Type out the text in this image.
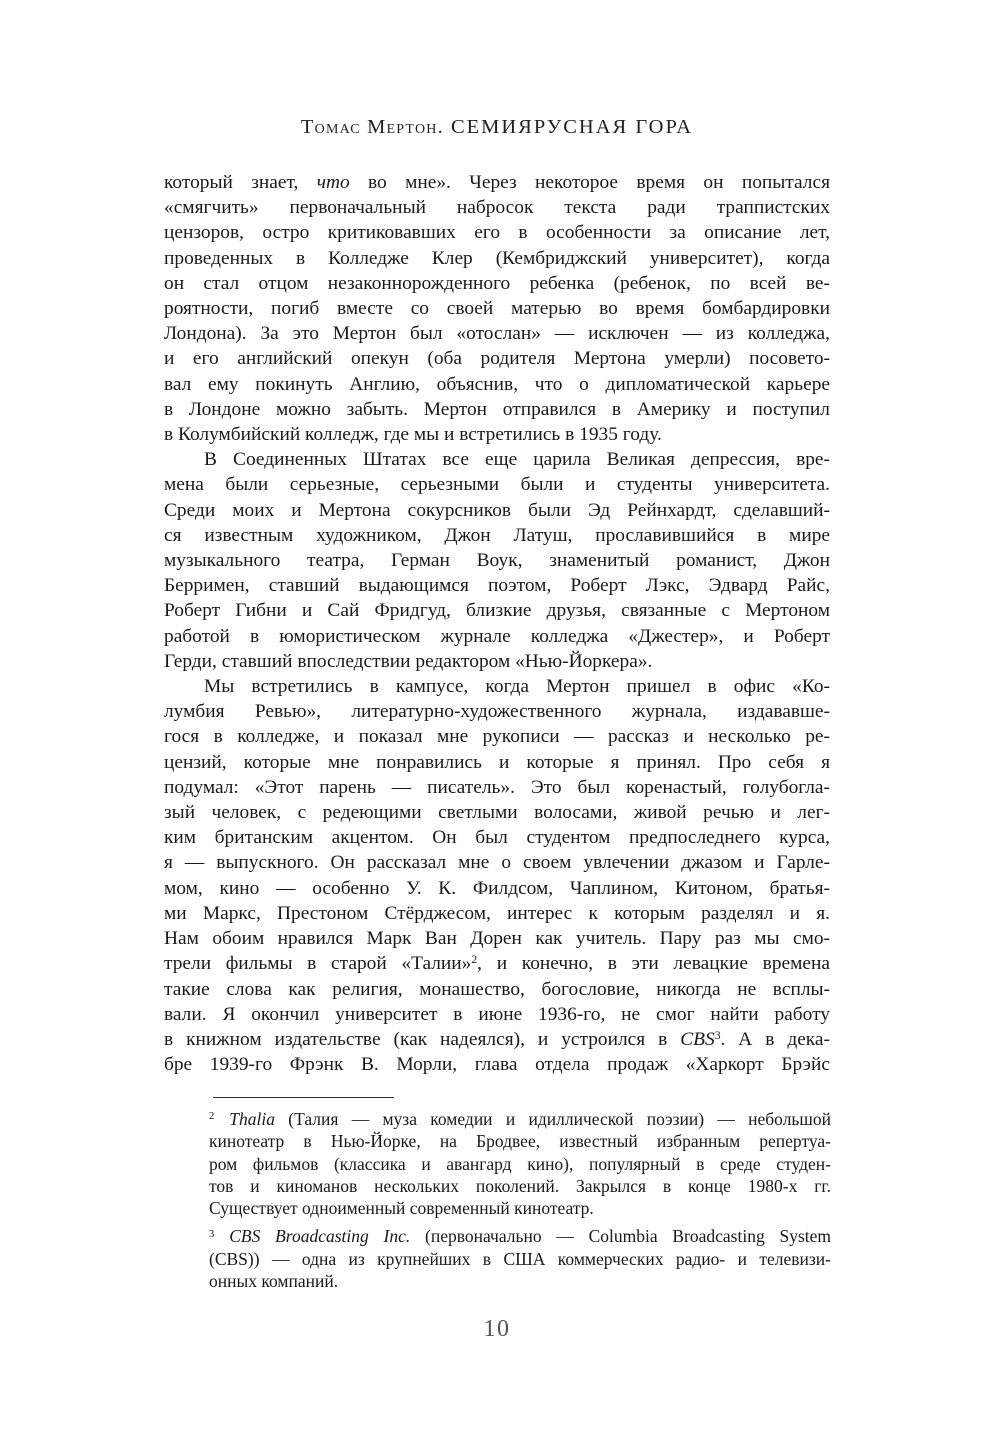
Томас Мертон. СЕМИЯРУСНАЯ ГОРА
который знает, что во мне». Через некоторое время он попытался
«смягчить» первоначальный набросок текста ради траппистских
цензоров, остро критиковавших его в особенности за описание лет,
проведенных в Колледже Клер (Кембриджский университет), когда
он стал отцом незаконнорожденного ребенка (ребенок, по всей ве-
роятности, погиб вместе со своей матерью во время бомбардировки
Лондона). За это Мертон был «отослан» — исключен — из колледжа,
и его английский опекун (оба родителя Мертона умерли) посовето-
вал ему покинуть Англию, объяснив, что о дипломатической карьере
в Лондоне можно забыть. Мертон отправился в Америку и поступил
в Колумбийский колледж, где мы и встретились в 1935 году.
В Соединенных Штатах все еще царила Великая депрессия, вре-
мена были серьезные, серьезными были и студенты университета.
Среди моих и Мертона сокурсников были Эд Рейнхардт, сделавший-
ся известным художником, Джон Латуш, прославившийся в мире
музыкального театра, Герман Воук, знаменитый романист, Джон
Берримен, ставший выдающимся поэтом, Роберт Лэкс, Эдвард Райс,
Роберт Гибни и Сай Фридгуд, близкие друзья, связанные с Мертоном
работой в юмористическом журнале колледжа «Джестер», и Роберт
Герди, ставший впоследствии редактором «Нью-Йоркера».
Мы встретились в кампусе, когда Мертон пришел в офис «Ко-
лумбия Ревью», литературно-художественного журнала, издававше-
гося в колледже, и показал мне рукописи — рассказ и несколько ре-
цензий, которые мне понравились и которые я принял. Про себя я
подумал: «Этот парень — писатель». Это был коренастый, голубогла-
зый человек, с редеющими светлыми волосами, живой речью и лег-
ким британским акцентом. Он был студентом предпоследнего курса,
я — выпускного. Он рассказал мне о своем увлечении джазом и Гарле-
мом, кино — особенно У. К. Филдсом, Чаплином, Китоном, братья-
ми Маркс, Престоном Стёрджесом, интерес к которым разделял и я.
Нам обоим нравился Марк Ван Дорен как учитель. Пару раз мы смо-
трели фильмы в старой «Талии»$^2$, и конечно, в эти левацкие времена
такие слова как религия, монашество, богословие, никогда не всплы-
вали. Я окончил университет в июне 1936-го, не смог найти работу
в книжном издательстве (как надеялся), и устроился в CBS$^3$. А в дека-
бре 1939-го Фрэнк В. Морли, глава отдела продаж «Харкорт Брэйс
$^2$ Thalia (Талия — муза комедии и идиллической поэзии) — небольшой
кинотеатр в Нью-Йорке, на Бродвее, известный избранным репертуа-
ром фильмов (классика и авангард кино), популярный в среде студен-
тов и киноманов нескольких поколений. Закрылся в конце 1980-х гг.
Существует одноименный современный кинотеатр.
$^3$ CBS Broadcasting Inc. (первоначально — Columbia Broadcasting System
(CBS)) — одна из крупнейших в США коммерческих радио- и телевизи-
онных компаний.
10
